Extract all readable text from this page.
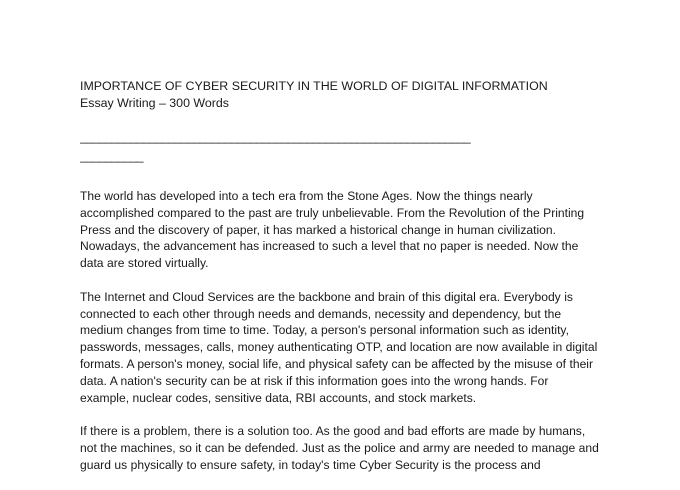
IMPORTANCE OF CYBER SECURITY IN THE WORLD OF DIGITAL INFORMATION

Essay Writing – 300 Words

______________________________________________________________
__________

The world has developed into a tech era from the Stone Ages. Now the things nearly accomplished compared to the past are truly unbelievable. From the Revolution of the Printing Press and the discovery of paper, it has marked a historical change in human civilization. Nowadays, the advancement has increased to such a level that no paper is needed. Now the data are stored virtually.

The Internet and Cloud Services are the backbone and brain of this digital era. Everybody is connected to each other through needs and demands, necessity and dependency, but the medium changes from time to time. Today, a person's personal information such as identity, passwords, messages, calls, money authenticating OTP, and location are now available in digital formats. A person's money, social life, and physical safety can be affected by the misuse of their data. A nation's security can be at risk if this information goes into the wrong hands. For example, nuclear codes, sensitive data, RBI accounts, and stock markets.

If there is a problem, there is a solution too. As the good and bad efforts are made by humans, not the machines, so it can be defended. Just as the police and army are needed to manage and guard us physically to ensure safety, in today's time Cyber Security is the process and
